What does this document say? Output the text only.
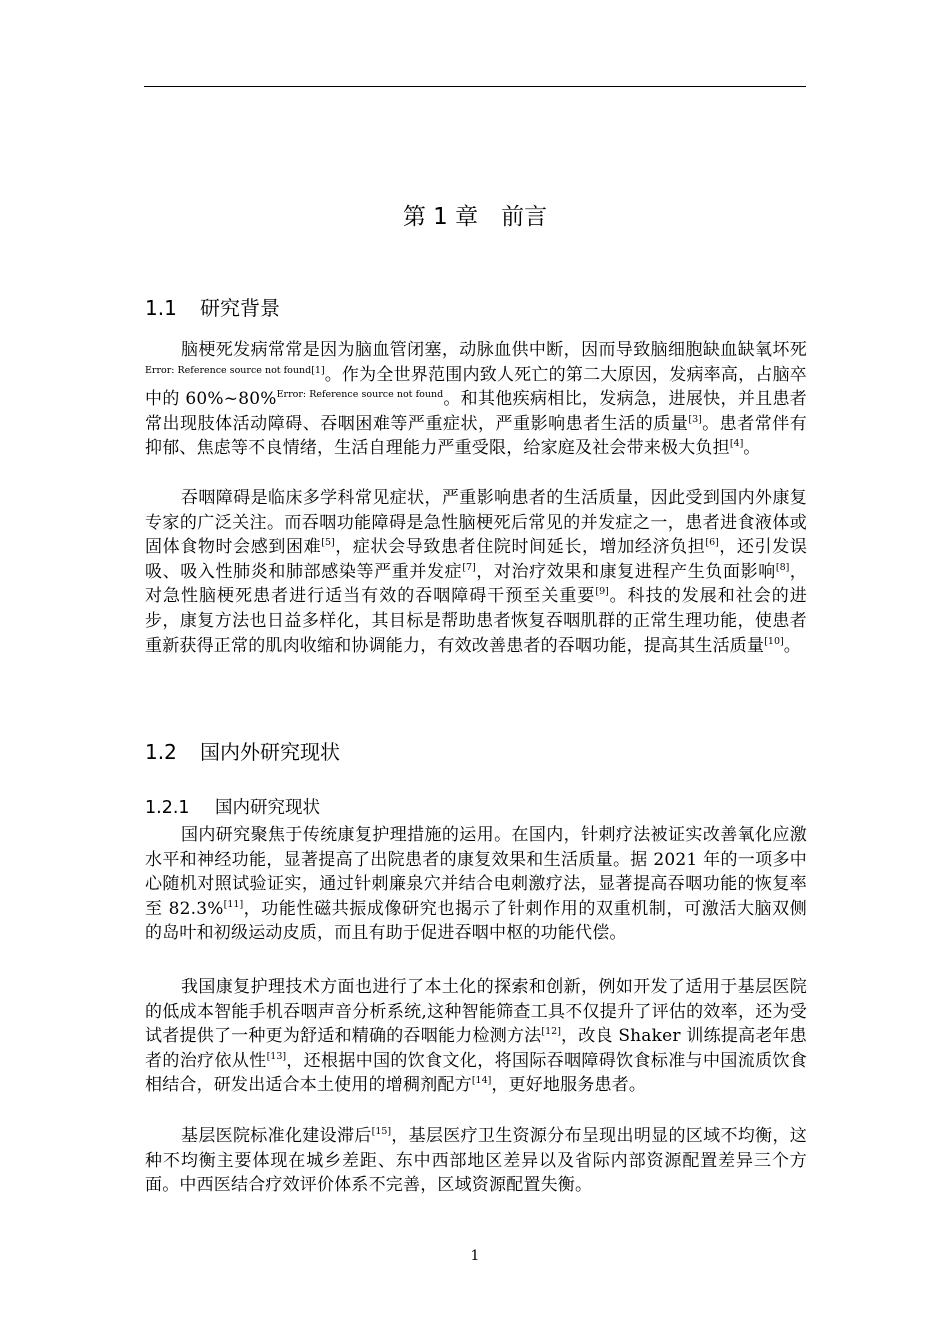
第 1 章　前言
1.1 研究背景
脑梗死发病常常是因为脑血管闭塞，动脉血供中断，因而导致脑细胞缺血缺氧坏死$^{Error: Reference source not found[1]}$。作为全世界范围内致人死亡的第二大原因，发病率高，占脑卒中的 60%~80%$^{Error: Reference source not found}$。和其他疾病相比，发病急，进展快，并且患者常出现肢体活动障碍、吞咽困难等严重症状，严重影响患者生活的质量[3]。患者常伴有抑郁、焦虑等不良情绪，生活自理能力严重受限，给家庭及社会带来极大负担[4]。
吞咽障碍是临床多学科常见症状，严重影响患者的生活质量，因此受到国内外康复专家的广泛关注。而吞咽功能障碍是急性脑梗死后常见的并发症之一，患者进食液体或固体食物时会感到困难[5]，症状会导致患者住院时间延长，增加经济负担[6]，还引发误吸、吸入性肺炎和肺部感染等严重并发症[7]，对治疗效果和康复进程产生负面影响[8]，对急性脑梗死患者进行适当有效的吞咽障碍干预至关重要[9]。科技的发展和社会的进步，康复方法也日益多样化，其目标是帮助患者恢复吞咽肌群的正常生理功能，使患者重新获得正常的肌肉收缩和协调能力，有效改善患者的吞咽功能，提高其生活质量[10]。
1.2 国内外研究现状
1.2.1 国内研究现状
国内研究聚焦于传统康复护理措施的运用。在国内，针刺疗法被证实改善氧化应激水平和神经功能，显著提高了出院患者的康复效果和生活质量。据 2021 年的一项多中心随机对照试验证实，通过针刺廉泉穴并结合电刺激疗法，显著提高吞咽功能的恢复率至 82.3%[11]，功能性磁共振成像研究也揭示了针刺作用的双重机制，可激活大脑双侧的岛叶和初级运动皮质，而且有助于促进吞咽中枢的功能代偿。
我国康复护理技术方面也进行了本土化的探索和创新，例如开发了适用于基层医院的低成本智能手机吞咽声音分析系统,这种智能筛查工具不仅提升了评估的效率，还为受试者提供了一种更为舒适和精确的吞咽能力检测方法[12]，改良 Shaker 训练提高老年患者的治疗依从性[13]，还根据中国的饮食文化，将国际吞咽障碍饮食标准与中国流质饮食相结合，研发出适合本土使用的增稠剂配方[14]，更好地服务患者。
基层医院标准化建设滞后[15]，基层医疗卫生资源分布呈现出明显的区域不均衡，这种不均衡主要体现在城乡差距、东中西部地区差异以及省际内部资源配置差异三个方面。中西医结合疗效评价体系不完善，区域资源配置失衡。
1
